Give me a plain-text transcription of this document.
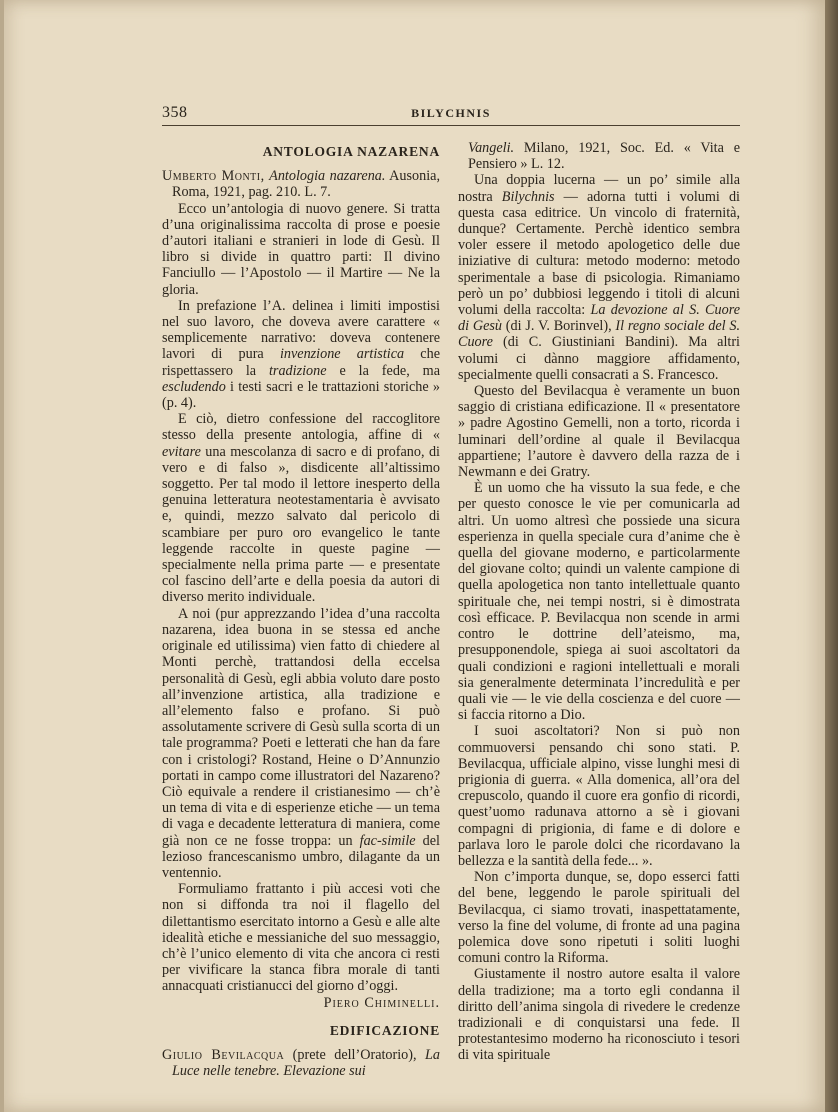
358	BILYCHNIS
ANTOLOGIA NAZARENA

Umberto Monti, Antologia nazarena. Ausonia, Roma, 1921, pag. 210. L. 7.

Ecco un’antologia di nuovo genere. Si tratta d’una originalissima raccolta di prose e poesie d’autori italiani e stranieri in lode di Gesù. Il libro si divide in quattro parti: Il divino Fanciullo — l’Apostolo — il Martire — Ne la gloria.

In prefazione l’A. delinea i limiti impostisi nel suo lavoro, che doveva avere carattere « semplicemente narrativo: doveva contenere lavori di pura invenzione artistica che rispettassero la tradizione e la fede, ma escludendo i testi sacri e le trattazioni storiche » (p. 4).

E ciò, dietro confessione del raccoglitore stesso della presente antologia, affine di « evitare una mescolanza di sacro e di profano, di vero e di falso », disdicente all’altissimo soggetto. Per tal modo il lettore inesperto della genuina letteratura neotestamentaria è avvisato e, quindi, mezzo salvato dal pericolo di scambiare per puro oro evangelico le tante leggende raccolte in queste pagine — specialmente nella prima parte — e presentate col fascino dell’arte e della poesia da autori di diverso merito individuale.

A noi (pur apprezzando l’idea d’una raccolta nazarena, idea buona in se stessa ed anche originale ed utilissima) vien fatto di chiedere al Monti perchè, trattandosi della eccelsa personalità di Gesù, egli abbia voluto dare posto all’invenzione artistica, alla tradizione e all’elemento falso e profano. Si può assolutamente scrivere di Gesù sulla scorta di un tale programma? Poeti e letterati che han da fare con i cristologi? Rostand, Heine o D’Annunzio portati in campo come illustratori del Nazareno? Ciò equivale a rendere il cristianesimo — ch’è un tema di vita e di esperienze etiche — un tema di vaga e decadente letteratura di maniera, come già non ce ne fosse troppa: un fac-simile del lezioso francescanismo umbro, dilagante da un ventennio.

Formuliamo frattanto i più accesi voti che non si diffonda tra noi il flagello del dilettantismo esercitato intorno a Gesù e alle alte idealità etiche e messianiche del suo messaggio, ch’è l’unico elemento di vita che ancora ci resti per vivificare la stanca fibra morale di tanti annacquati cristianucci del giorno d’oggi.

Piero Chiminelli.

EDIFICAZIONE

Giulio Bevilacqua (prete dell’Oratorio), La Luce nelle tenebre. Elevazione sui

Vangeli. Milano, 1921, Soc. Ed. « Vita e Pensiero » L. 12.

Una doppia lucerna — un po’ simile alla nostra Bilychnis — adorna tutti i volumi di questa casa editrice. Un vincolo di fraternità, dunque? Certamente. Perchè identico sembra voler essere il metodo apologetico delle due iniziative di cultura: metodo moderno: metodo sperimentale a base di psicologia. Rimaniamo però un po’ dubbiosi leggendo i titoli di alcuni volumi della raccolta: La devozione al S. Cuore di Gesù (di J. V. Borinvel), Il regno sociale del S. Cuore (di C. Giustiniani Bandini). Ma altri volumi ci dànno maggiore affidamento, specialmente quelli consacrati a S. Francesco.

Questo del Bevilacqua è veramente un buon saggio di cristiana edificazione. Il « presentatore » padre Agostino Gemelli, non a torto, ricorda i luminari dell’ordine al quale il Bevilacqua appartiene; l’autore è davvero della razza de i Newmann e dei Gratry.

È un uomo che ha vissuto la sua fede, e che per questo conosce le vie per comunicarla ad altri. Un uomo altresì che possiede una sicura esperienza in quella speciale cura d’anime che è quella del giovane moderno, e particolarmente del giovane colto; quindi un valente campione di quella apologetica non tanto intellettuale quanto spirituale che, nei tempi nostri, si è dimostrata così efficace. P. Bevilacqua non scende in armi contro le dottrine dell’ateismo, ma, presupponendole, spiega ai suoi ascoltatori da quali condizioni e ragioni intellettuali e morali sia generalmente determinata l’incredulità e per quali vie — le vie della coscienza e del cuore — si faccia ritorno a Dio.

I suoi ascoltatori? Non si può non commuoversi pensando chi sono stati. P. Bevilacqua, ufficiale alpino, visse lunghi mesi di prigionia di guerra. « Alla domenica, all’ora del crepuscolo, quando il cuore era gonfio di ricordi, quest’uomo radunava attorno a sè i giovani compagni di prigionia, di fame e di dolore e parlava loro le parole dolci che ricordavano la bellezza e la santità della fede... ».

Non c’importa dunque, se, dopo esserci fatti del bene, leggendo le parole spirituali del Bevilacqua, ci siamo trovati, inaspettatamente, verso la fine del volume, di fronte ad una pagina polemica dove sono ripetuti i soliti luoghi comuni contro la Riforma.

Giustamente il nostro autore esalta il valore della tradizione; ma a torto egli condanna il diritto dell’anima singola di rivedere le credenze tradizionali e di conquistarsi una fede. Il protestantesimo moderno ha riconosciuto i tesori di vita spirituale
